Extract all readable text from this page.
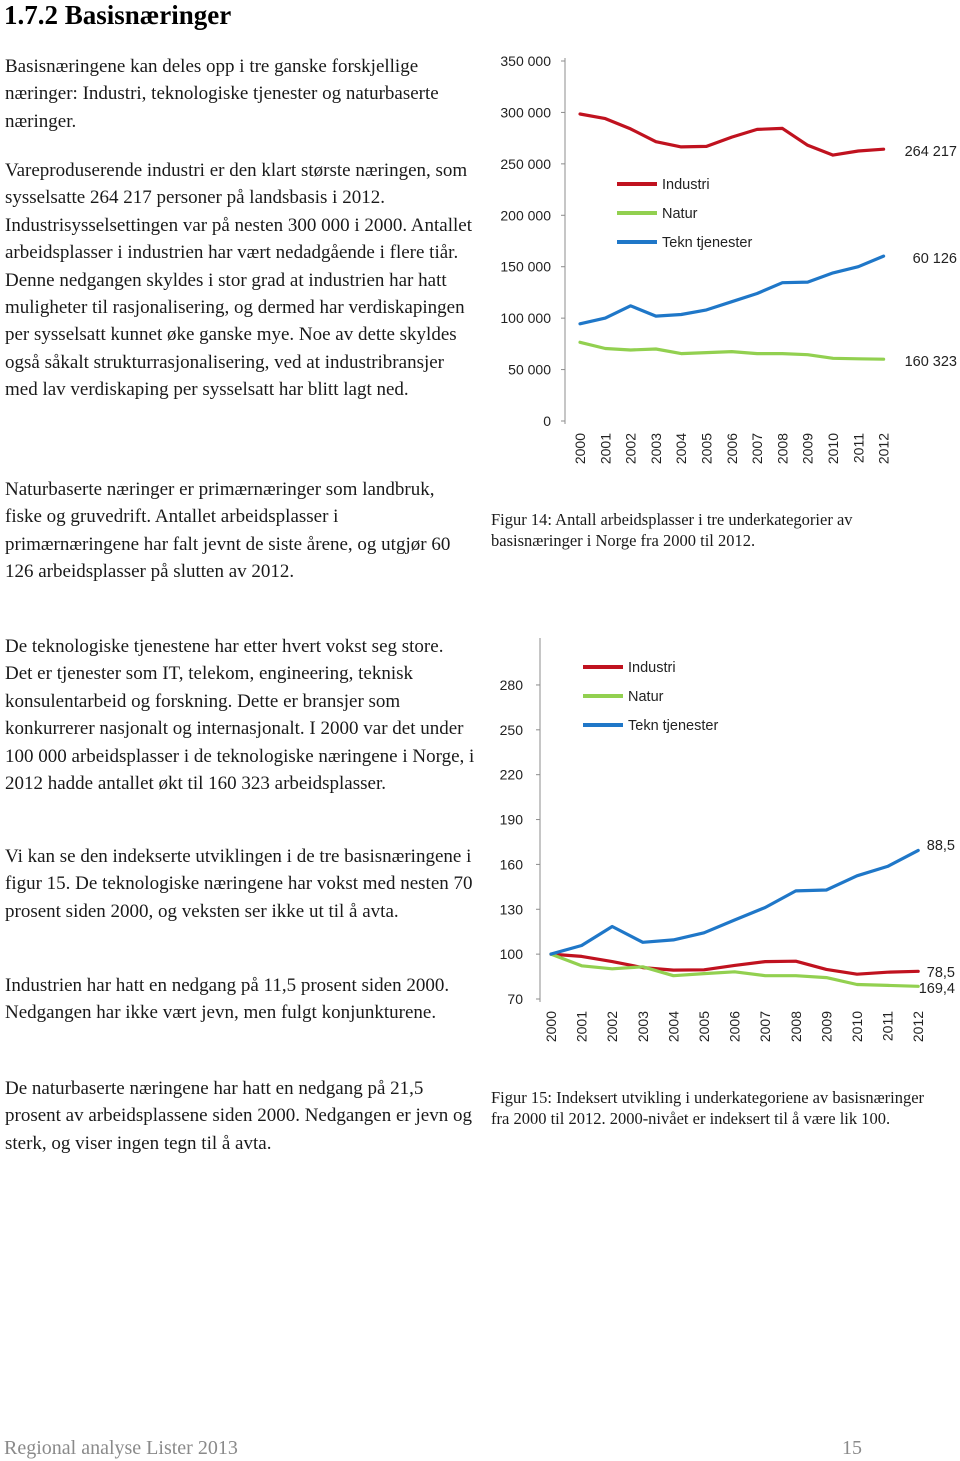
1.7.2 Basisnæringer

Basisnæringene kan deles opp i tre ganske forskjellige næringer: Industri, teknologiske tjenester og naturbaserte næringer.

Vareproduserende industri er den klart største næringen, som sysselsatte 264 217 personer på landsbasis i 2012. Industrisysselsettingen var på nesten 300 000 i 2000. Antallet arbeidsplasser i industrien har vært nedadgående i flere tiår. Denne nedgangen skyldes i stor grad at industrien har hatt muligheter til rasjonalisering, og dermed har verdiskapingen per sysselsatt kunnet øke ganske mye. Noe av dette skyldes også såkalt strukturrasjonalisering, ved at industribransjer med lav verdiskaping per sysselsatt har blitt lagt ned.

Naturbaserte næringer er primærnæringer som landbruk, fiske og gruvedrift. Antallet arbeidsplasser i primærnæringene har falt jevnt de siste årene, og utgjør 60 126 arbeidsplasser på slutten av 2012.

De teknologiske tjenestene har etter hvert vokst seg store. Det er tjenester som IT, telekom, engineering, teknisk konsulentarbeid og forskning. Dette er bransjer som konkurrerer nasjonalt og internasjonalt. I 2000 var det under 100 000 arbeidsplasser i de teknologiske næringene i Norge, i 2012 hadde antallet økt til 160 323 arbeidsplasser.

Vi kan se den indekserte utviklingen i de tre basisnæringene i figur 15. De teknologiske næringene har vokst med nesten 70 prosent siden 2000, og veksten ser ikke ut til å avta.

Industrien har hatt en nedgang på 11,5 prosent siden 2000. Nedgangen har ikke vært jevn, men fulgt konjunkturene.

De naturbaserte næringene har hatt en nedgang på 21,5 prosent av arbeidsplassene siden 2000. Nedgangen er jevn og sterk, og viser ingen tegn til å avta.

0
50 000
100 000
150 000
200 000
250 000
300 000
350 000
2000 2001 2002 2003 2004 2005 2006 2007 2008 2009 2010 2011 2012
Industri
264 217
Natur
60 126
Tekn tjenester
160 323

Figur 14: Antall arbeidsplasser i tre underkategorier av basisnæringer i Norge fra 2000 til 2012.

70
100
130
160
190
220
250
280
2000 2001 2002 2003 2004 2005 2006 2007 2008 2009 2010 2011 2012
Industri
88,5
Natur
78,5
Tekn tjenester
169,4

Figur 15: Indeksert utvikling i underkategoriene av basisnæringer fra 2000 til 2012. 2000-nivået er indeksert til å være lik 100.

Regional analyse Lister 2013	15
